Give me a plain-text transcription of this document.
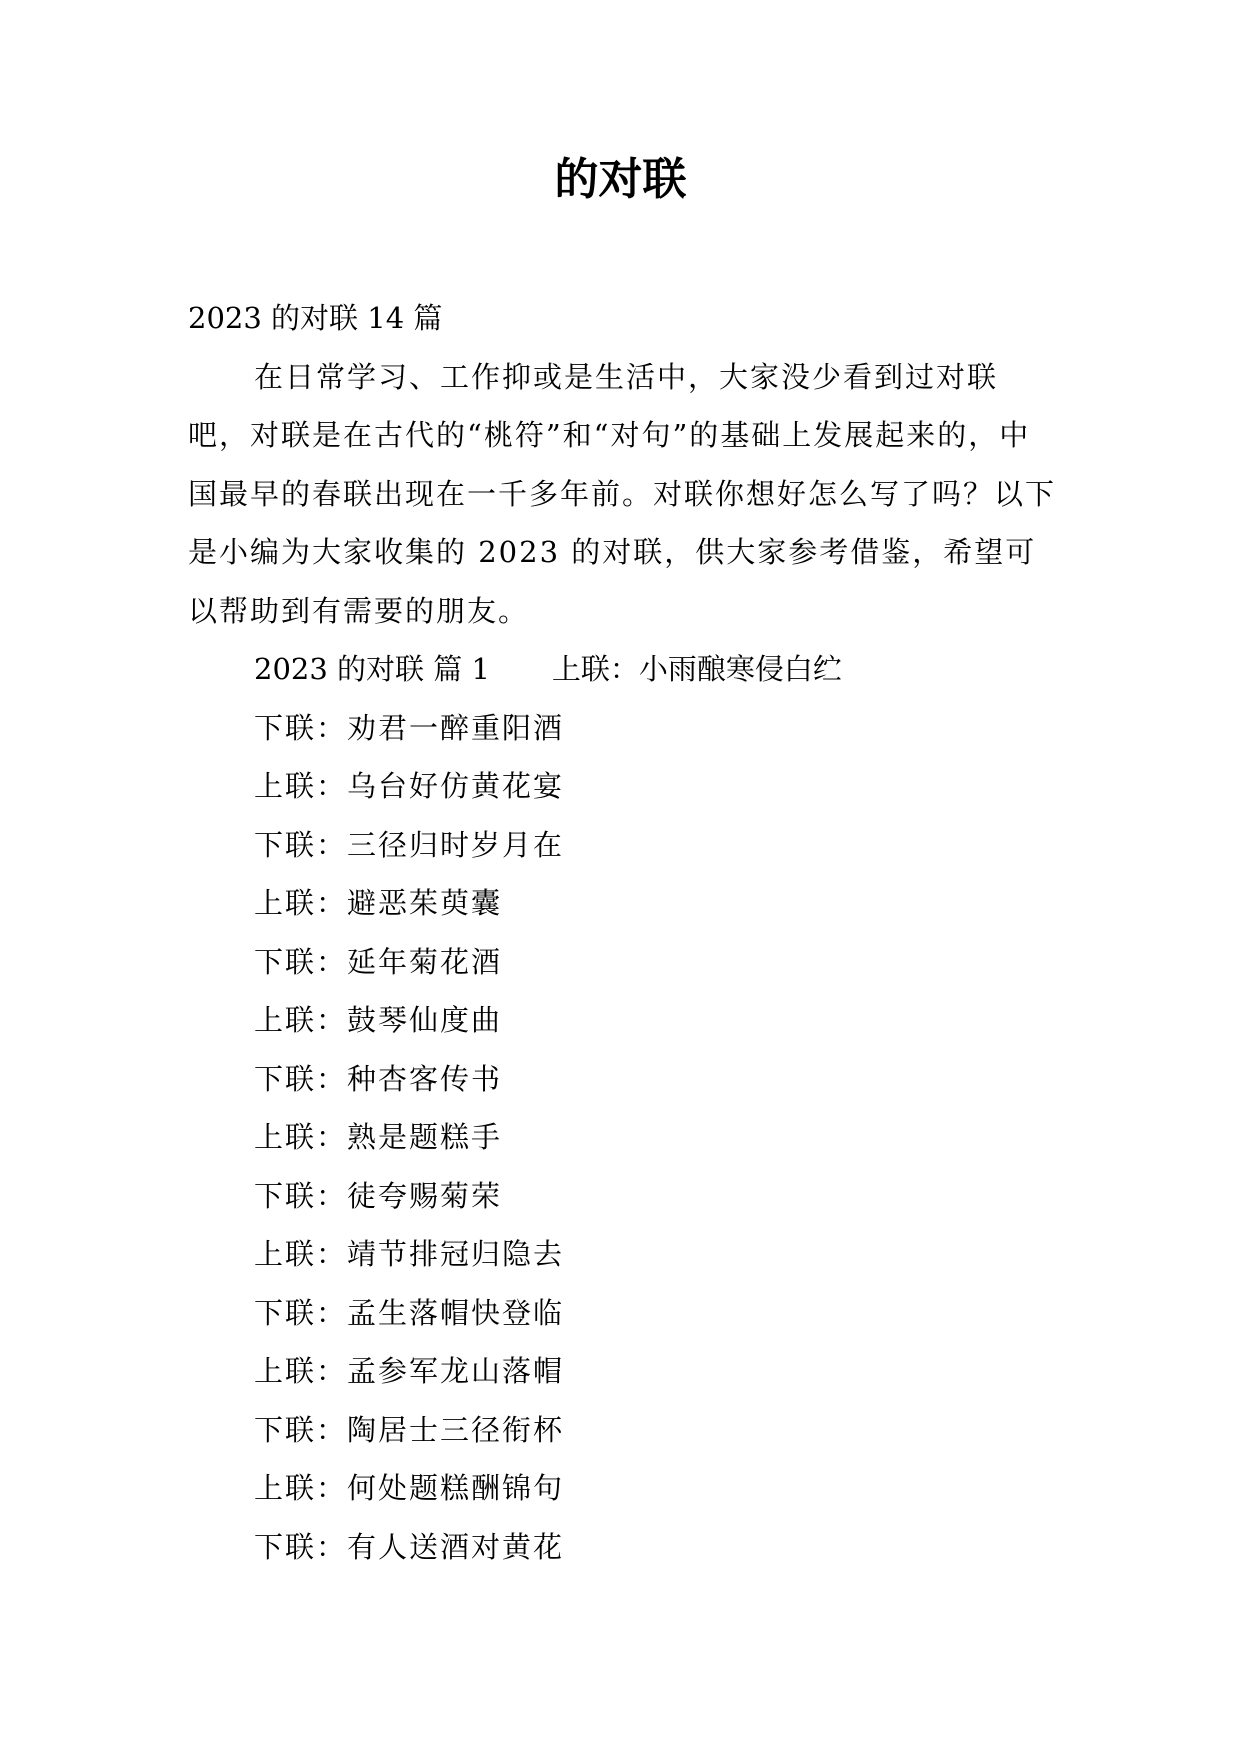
的对联
2023 的对联 14 篇

在日常学习、工作抑或是生活中，大家没少看到过对联吧，对联是在古代的“桃符”和“对句”的基础上发展起来的，中国最早的春联出现在一千多年前。对联你想好怎么写了吗？以下是小编为大家收集的 2023 的对联，供大家参考借鉴，希望可以帮助到有需要的朋友。

2023 的对联 篇 1 上联：小雨酿寒侵白纻
下联：劝君一醉重阳酒
上联：乌台好仿黄花宴
下联：三径归时岁月在
上联：避恶茱萸囊
下联：延年菊花酒
上联：鼓琴仙度曲
下联：种杏客传书
上联：熟是题糕手
下联：徒夸赐菊荣
上联：靖节排冠归隐去
下联：孟生落帽快登临
上联：孟参军龙山落帽
下联：陶居士三径衔杯
上联：何处题糕酬锦句
下联：有人送酒对黄花
